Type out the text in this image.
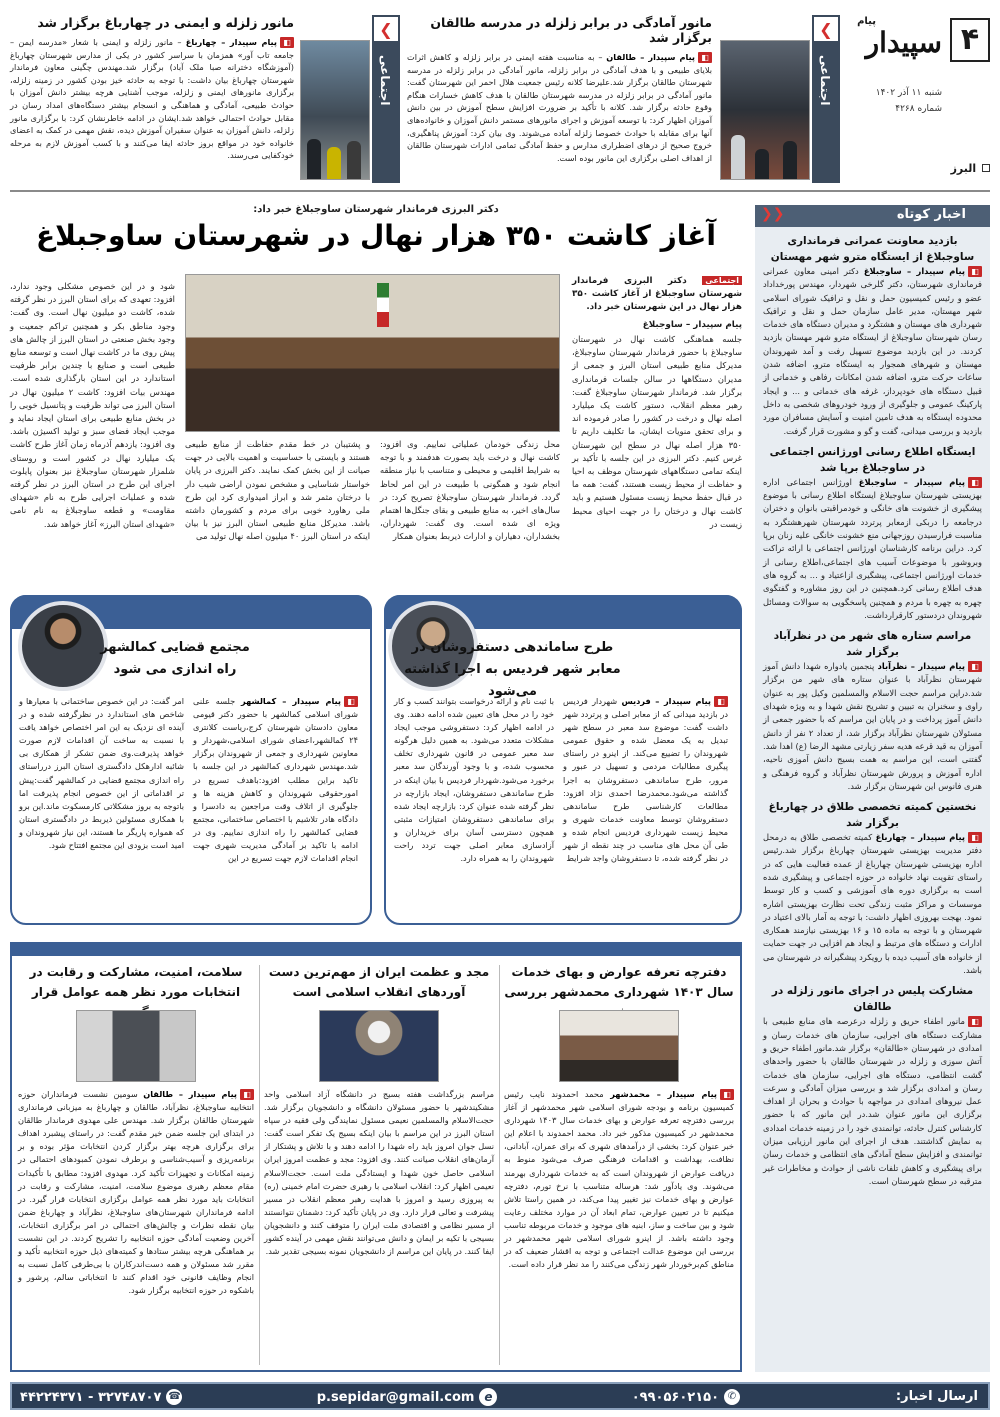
۴
پیام
سپیدار
شنبه ۱۱ آذر ۱۴۰۲
شماره ۴۲۶۸
البرز
❯
اجتماعی
مانور آمادگی در برابر زلزله در مدرسه طالقان برگزار شد

◧پیام سپیدار – طالقان – به مناسبت هفته ایمنی در برابر زلزله و کاهش اثرات بلایای طبیعی و با هدف آمادگی در برابر زلزله، مانور آمادگی در برابر زلزله در مدرسه شهرستان طالقان برگزار شد.علیرضا کلانه رئیس جمعیت هلال احمر این شهرستان گفت: مانور آمادگی در برابر زلزله در مدرسه شهرستان طالقان با هدف کاهش خسارات هنگام وقوع حادثه برگزار شد. کلانه با تأکید بر ضرورت افزایش سطح آموزش در بین دانش آموزان اظهار کرد: با توسعه آموزش و اجرای مانورهای مستمر دانش آموزان و خانواده‌های آنها برای مقابله با حوادث خصوصا زلزله آماده می‌شوند. وی بیان کرد: آموزش پناهگیری، خروج صحیح از درهای اضطراری مدارس و حفظ آمادگی تمامی ادارات شهرستان طالقان از اهداف اصلی برگزاری این مانور بوده است.

❯
اجتماعی
مانور زلزله و ایمنی در چهارباغ برگزار شد

◧پیام سپیدار – چهارباغ – مانور زلزله و ایمنی با شعار «مدرسه ایمن – جامعه تاب آور» همزمان با سراسر کشور در یکی از مدارس شهرستان چهارباغ (آموزشگاه دخترانه صبا ملک آباد) برگزار شد.مهندس چگینی معاون فرماندار شهرستان چهارباغ بیان داشت: با توجه به حادثه خیز بودن کشور در زمینه زلزله، برگزاری مانورهای ایمنی و زلزله، موجب آشنایی هرچه بیشتر دانش آموزان با حوادث طبیعی، آمادگی و هماهنگی و انسجام بیشتر دستگاه‌های امداد رسان در مقابل حوادث احتمالی خواهد شد.ایشان در ادامه خاطرنشان کرد: با برگزاری مانور زلزله، دانش آموزان به عنوان سفیران آموزش دیده، نقش مهمی در کمک به اعضای خانواده خود در مواقع بروز حادثه ایفا می‌کنند و با کسب آموزش لازم به مرحله خودکفایی می‌رسند.

اخبار کوتاه
❮❮
بازدید معاونت عمرانی فرمانداری ساوجبلاغ از ایستگاه مترو شهر مهستان

◧پیام سپیدار – ساوجبلاغ دکتر امینی معاون عمرانی فرمانداری شهرستان، دکتر گلرخی شهردار، مهندس پورخداداد عضو و رئیس کمیسیون حمل و نقل و ترافیک شورای اسلامی شهر مهستان، مدیر عامل سازمان حمل و نقل و ترافیک شهرداری های مهستان و هشتگرد و مدیران دستگاه های خدمات رسان شهرستان ساوجبلاغ از ایستگاه مترو شهر مهستان بازدید کردند. در این بازدید موضوع تسهیل رفت و آمد شهروندان مهستان و شهرهای همجوار به ایستگاه مترو، اضافه شدن ساعات حرکت مترو، اضافه شدن امکانات رفاهی و خدماتی از قبیل دستگاه های خودپرداز، غرفه های خدماتی و ... و ایجاد پارکینگ عمومی و جلوگیری از ورود خودروهای شخصی به داخل محدوده ایستگاه به هدف تامین امنیت و آسایش مسافران مورد بازدید و بررسی میدانی، گفت و گو و مشورت قرار گرفت.

ایستگاه اطلاع رسانی اورژانس اجتماعی در ساوجبلاغ برپا شد

◧پیام سپیدار – ساوجبلاغ اورژانس اجتماعی اداره بهزیستی شهرستان ساوجبلاغ ایستگاه اطلاع رسانی با موضوع پیشگیری از خشونت های خانگی و خودمراقبتی بانوان و دختران درجامعه را دربکی ازمعابر پرتردد شهرستان شهرهشتگرد به مناسبت فرارسیدن روزجهانی منع خشونت خانگی علیه زنان برپا کرد. دراین برنامه کارشناسان اورژانس اجتماعی با ارائه تراکت وبروشور با موضوعات آسیب های اجتماعی،اطلاع رسانی از خدمات اورژانس اجتماعی، پیشگیری ازاعتیاد و ... به گروه های هدف اطلاع رسانی کرد.همچنین در این روز مشاوره و گفتگوی چهره به چهره با مردم و همچنین پاسخگویی به سوالات ومسائل شهروندان دردستور کارقرارداشت.

مراسم ستاره های شهر من در نظرآباد برگزار شد

◧پیام سپیدار – نظرآباد پنجمین یادواره شهدا دانش آموز شهرستان نظرآباد با عنوان ستاره های شهر من برگزار شد.دراین مراسم حجت الاسلام والمسلمین وکیل پور به عنوان راوی و سخنران به تبیین و تشریح نقش شهدا و به ویژه شهدای دانش آموز پرداخت و در پایان این مراسم که با حضور جمعی از مسئولان شهرستان نظرآباد برگزار شد، از تعداد ۲ نفر از دانش آموزان به قید قرعه هدیه سفر زیارتی مشهد الرضا (ع) اهدا شد. گفتنی است، این مراسم به همت بسیج دانش آموزی ناحیه، اداره آموزش و پرورش شهرستان نظرآباد و گروه فرهنگی و هنری فانوس این شهرستان برگزار شد.

نخستین کمیته تخصصی طلاق در چهارباغ برگزار شد

◧پیام سپیدار – چهارباغ کمیته تخصصی طلاق به درمحل دفتر مدیریت بهزیستی شهرستان چهارباغ برگزار شد.رئیس اداره بهزیستی شهرستان چهارباغ از عمده فعالیت هایی که در راستای تقویت نهاد خانواده در حوزه اجتماعی و پیشگیری شده است به برگزاری دوره های آموزشی و کسب و کار توسط موسسات و مراکز مثبت زندگی تحت نظارت بهزیستی اشاره نمود. بهجت بهروزی اظهار داشت: با توجه به آمار بالای اعتیاد در شهرستان و با توجه به ماده ۱۵ و ۱۶ بهزیستی نیازمند همکاری ادارات و دستگاه های مرتبط و ایجاد هم افزایی در جهت حمایت از خانواده های آسیب دیده با رویکرد پیشگیرانه در شهرستان می باشد.

مشارکت پلیس در اجرای مانور زلزله در طالقان

◧مانور اطفاء حریق و زلزله درعرصه های منابع طبیعی با مشارکت دستگاه های اجرایی، سازمان های خدمات رسان و امدادی در شهرستان «طالقان» برگزار شد.مانور اطفاء حریق و آتش سوزی و زلزله در شهرستان طالقان با حضور واحدهای گشت انتظامی، دستگاه های اجرایی، سازمان های خدمات رسان و امدادی برگزار شد و بررسی میزان آمادگی و سرعت عمل نیروهای امدادی در مواجهه با حوادث و بحران از اهداف برگزاری این مانور عنوان شد.در این مانور که با حضور کارشناس کنترل حادثه، توانمندی خود را در زمینه خدمات امدادی به نمایش گذاشتند. هدف از اجرای این مانور ارزیابی میزان توانمندی و افزایش سطح آمادگی های انتظامی و خدمات رسان برای پیشگیری و کاهش تلفات ناشی از حوادث و مخاطرات غیر مترقبه در سطح شهرستان است.

دکتر البرزی فرماندار شهرستان ساوجبلاغ خبر داد:
آغاز کاشت ۳۵۰ هزار نهال در شهرستان ساوجبلاغ
اجتماعی دکتر البرزی فرماندار شهرستان ساوجبلاغ از آغاز کاشت ۳۵۰ هزار نهال در این شهرستان خبر داد.
پیام سپیدار – ساوجبلاغ

جلسه هماهنگی کاشت نهال در شهرستان ساوجبلاغ با حضور فرماندار شهرستان ساوجبلاغ، مدیرکل منابع طبیعی استان البرز و جمعی از مدیران دستگاهها در سالن جلسات فرمانداری برگزار شد. فرماندار شهرستان ساوجبلاغ گفت: رهبر معظم انقلاب، دستور کاشت یک میلیارد اصله نهال و درخت در کشور را صادر فرموده اند و برای تحقق منویات ایشان، ما تکلیف داریم تا ۳۵۰ هزار اصله نهال در سطح این شهرستان غرس کنیم. دکتر البرزی در این جلسه با تأکید بر اینکه تمامی دستگاههای شهرستان موظف به احیا و حفاظت از محیط زیست هستند، گفت: همه ما در قبال حفظ محیط زیست مسئول هستیم و باید کاشت نهال و درختان را در جهت احیای محیط زیست در

محل زندگی خودمان عملیاتی نماییم. وی افزود: کاشت نهال و درخت باید بصورت هدفمند و با توجه به شرایط اقلیمی و محیطی و متناسب با نیاز منطقه انجام شود و همگونی با طبیعت در این امر لحاظ گردد. فرماندار شهرستان ساوجبلاغ تصریح کرد: در سال‌های اخیر، به منابع طبیعی و بقای جنگل‌ها اهتمام ویژه ای شده است. وی گفت: شهرداران، بخشداران، دهیاران و ادارات ذیربط بعنوان همکار

و پشتیبان در خط مقدم حفاظت از منابع طبیعی هستند و بایستی با حساسیت و اهمیت بالایی در جهت صیانت از این بخش کمک نمایند. دکتر البرزی در پایان خواستار شناسایی و مشخص نمودن اراضی شیب دار با درختان مثمر شد و ابراز امیدواری کرد این طرح ملی رهاورد خوبی برای مردم و کشورمان داشته باشد. مدیرکل منابع طبیعی استان البرز نیز با بیان اینکه در استان البرز ۴۰ میلیون اصله نهال تولید می

شود و در این خصوص مشکلی وجود ندارد، افزود: تعهدی که برای استان البرز در نظر گرفته شده، کاشت دو میلیون نهال است. وی گفت: وجود مناطق بکر و همچنین تراکم جمعیت و وجود بخش صنعتی در استان البرز از چالش های پیش روی ما در کاشت نهال است و توسعه منابع طبیعی است و صنایع با چندین برابر ظرفیت استاندارد در این استان بارگذاری شده است. مهندس بیات افزود: کاشت ۲ میلیون نهال در استان البرز می تواند ظرفیت و پتانسیل خوبی را در بخش منابع طبیعی برای استان ایجاد نماید و موجب ایجاد فضای سبز و تولید اکسیژن باشد. وی افزود: یازدهم آذرماه زمان آغاز طرح کاشت یک میلیارد نهال در کشور است و روستای شلمزار شهرستان ساوجبلاغ نیز بعنوان پایلوت اجرای این طرح در استان البرز در نظر گرفته شده و عملیات اجرایی طرح به نام «شهدای مقاومت» و قطعه ساوجبلاغ به نام نامی «شهدای استان البرز» آغاز خواهد شد.

طرح ساماندهی دستفروشان در معابر شهر فردیس به اجرا گذاشته می‌شود

◧پیام سپیدار – فردیس شهردار فردیس در بازدید میدانی که از معابر اصلی و پرتردد شهر داشت گفت: موضوع سد معبر در سطح شهر تبدیل به یک معضل شده و حقوق عمومی شهروندان را تضییع می‌کند. از اینرو در راستای پیگیری مطالبات مردمی و تسهیل در عبور و مرور، طرح ساماندهی دستفروشان به اجرا گذاشته می‌شود.محمدرضا احمدی نژاد افزود: مطالعات کارشناسی طرح ساماندهی دستفروشان توسط معاونت خدمات شهری و محیط زیست شهرداری فردیس انجام شده و طی آن محل های مناسب در چند نقطه از شهر در نظر گرفته شده، تا دستفروشان واجد شرایط

با ثبت نام و ارائه درخواست بتوانند کسب و کار خود را در محل های تعیین شده ادامه دهند. وی در ادامه اظهار کرد: دستفروشی موجب ایجاد مشکلات متعدد می‌شود. به همین دلیل هرگونه سد معبر عمومی در قانون شهرداری تخلف محسوب شده، و با وجود آورندگان سد معبر برخورد می‌شود.شهردار فردیس با بیان اینکه در طرح ساماندهی دستفروشان، ایجاد بازارچه در نظر گرفته شده عنوان کرد: بازارچه ایجاد شده برای ساماندهی دستفروشان امتیازات مثبتی همچون دسترسی آسان برای خریداران و آزادسازی معابر اصلی جهت تردد راحت شهروندان را به همراه دارد.

مجتمع قضایی کمالشهر راه اندازی می شود

◧پیام سپیدار – کمالشهر جلسه علنی شورای اسلامی کمالشهر با حضور دکتر قیومی معاون دادستان شهرستان کرج،ریاست کلانتری ۲۴ کمالشهر،اعضای شورای اسلامی،شهردار و معاونین شهرداری و جمعی از شهروندان برگزار شد.مهندس شهرداری کمالشهر در این جلسه با تاکید براین مطلب افزود:باهدف تسریع در امورحقوقی شهروندان و کاهش هزینه ها و جلوگیری از اتلاف وقت مراجعین به دادسرا و دادگاه هادر تلاشیم با اختصاص ساختمانی، مجتمع قضایی کمالشهر را راه اندازی نماییم. وی در ادامه با تاکید بر آمادگی مدیریت شهری جهت انجام اقدامات لازم جهت تسریع در این

امر گفت: در این خصوص ساختمانی با معیارها و شاخص های استاندارد در نظرگرفته شده و در آینده ای نزدیک به این امر اختصاص خواهد یافت با نسبت به ساخت آن اقدامات لازم صورت خواهد پذیرفت.وی ضمن تشکر از همکاری بی شائبه ادارهکل دادگستری استان البرز درراستای راه اندازی مجتمع قضایی در کمالشهر گفت:پیش تر اقداماتی از این خصوص انجام پذیرفت اما باتوجه به بروز مشکلاتی کارمسکوت ماند.این برو با همکاری مسئولین ذیربط در دادگستری استان که همواره پاریگر ما هستند، این نیاز شهروندان و امید است بزودی این مجتمع افتتاح شود.

دفترچه تعرفه عوارض و بهای خدمات سال ۱۴۰۳ شهرداری محمدشهر بررسی

◧پیام سپیدار – محمدشهر محمد احمدوند نایب رئیس کمیسیون برنامه و بودجه شورای اسلامی شهر محمدشهر از آغاز بررسی دفترچه تعرفه عوارض و بهای خدمات سال ۱۴۰۳ شهرداری محمدشهر در کمیسیون مذکور خبر داد. محمد احمدوند با اعلام این خبر عنوان کرد: بخشی از درآمدهای شهری که برای عمران، آبادانی، نظافت، بهداشت و اقدامات فرهنگی صرف می‌شود منوط به دریافت عوارض از شهروندان است که به خدمات شهرداری بهرمند می‌شوند. وی یادآور شد: هرساله متناسب با نرخ تورم، دفترچه عوارض و بهای خدمات نیز تغییر پیدا می‌کند، در همین راستا تلاش میکنیم تا در تعیین عوارض، تمام ابعاد آن در موارد مختلف رعایت شود و بین ساخت و ساز، ابنیه های موجود و خدمات مربوطه تناسب وجود داشته باشد. از اینرو شورای اسلامی شهر محمدشهر در بررسی این موضوع عدالت اجتماعی و توجه به اقشار ضعیف که در مناطق کم‌برخوردار شهر زندگی می‌کنند را مد نظر قرار داده است.

مجد و عظمت ایران از مهم‌ترین دست آوردهای انقلاب اسلامی است

مراسم بزرگداشت هفته بسیج در دانشگاه آزاد اسلامی واحد مشکیندشهر با حضور مسئولان دانشگاه و دانشجویان برگزار شد. حجت‌الاسلام والمسلمین نعیمی مسئول نمایندگی ولی فقیه در سپاه استان البرز در این مراسم با بیان اینکه بسیج یک تفکر است گفت: نسل جوان امروز باید راه شهدا را ادامه دهند و با تلاش و پشتکار از آرمان‌های انقلاب صیانت کنند. وی افزود: مجد و عظمت امروز ایران اسلامی حاصل خون شهدا و ایستادگی ملت است. حجت‌الاسلام نعیمی اظهار کرد: انقلاب اسلامی با رهبری حضرت امام خمینی (ره) به پیروزی رسید و امروز با هدایت رهبر معظم انقلاب در مسیر پیشرفت و تعالی قرار دارد. وی در پایان تأکید کرد: دشمنان نتوانستند از مسیر نظامی و اقتصادی ملت ایران را متوقف کنند و دانشجویان بسیجی با تکیه بر ایمان و دانش می‌توانند نقش مهمی در آینده کشور ایفا کنند. در پایان این مراسم از دانشجویان نمونه بسیجی تقدیر شد.

سلامت، امنیت، مشارکت و رقابت در انتخابات مورد نظر همه عوامل قرار

◧پیام سپیدار – طالقان سومین نشست فرمانداران حوزه انتخابیه ساوجبلاغ، نظرآباد، طالقان و چهارباغ به میزبانی فرمانداری شهرستان طالقان برگزار شد. مهندس علی مهدوی فرماندار طالقان در ابتدای این جلسه ضمن خیر مقدم گفت: در راستای پیشبرد اهداف برای برگزاری هرچه بهتر برگزار کردن انتخابات مؤثر بوده و بر برنامه‌ریزی و آسیب‌شناسی و برطرف نمودن کمبودهای احتمالی در زمینه امکانات و تجهیزات تأکید کرد. مهدوی افزود: مطابق با تأکیدات مقام معظم رهبری موضوع سلامت، امنیت، مشارکت و رقابت در انتخابات باید مورد نظر همه عوامل برگزاری انتخابات قرار گیرد. در ادامه فرمانداران شهرستان‌های ساوجبلاغ، نظرآباد و چهارباغ ضمن بیان نقطه نظرات و چالش‌های احتمالی در امر برگزاری انتخابات، آخرین وضعیت آمادگی حوزه انتخابیه را تشریح کردند. در این نشست بر هماهنگی هرچه بیشتر ستادها و کمیته‌های ذیل حوزه انتخابیه تأکید و مقرر شد مسئولان و همه دست‌اندرکاران با بی‌طرفی کامل نسبت به انجام وظایف قانونی خود اقدام کنند تا انتخاباتی سالم، پرشور و باشکوه در حوزه انتخابیه برگزار شود.

ارسال اخبار:
✆
۰۹۹۰۵۶۰۲۱۵۰
e
p.sepidar@gmail.com
☎
۳۲۷۴۸۷۰۷ - ۴۴۲۲۴۳۷۱
